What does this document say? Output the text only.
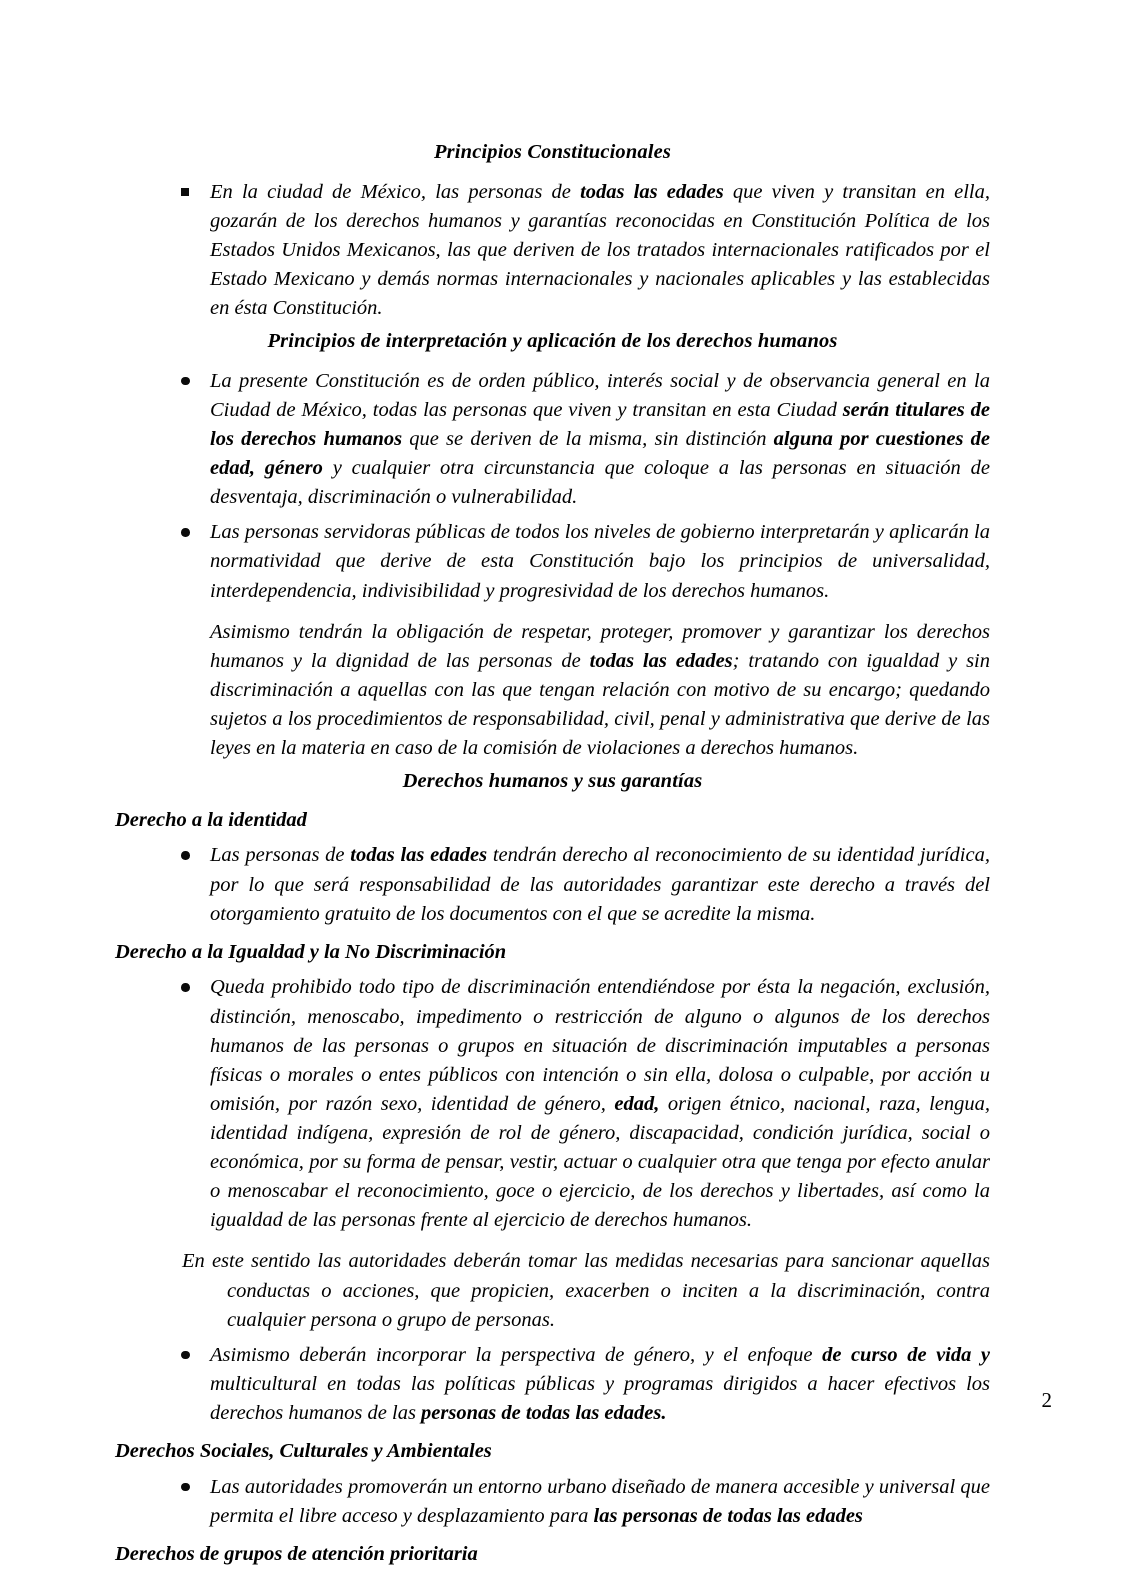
Principios Constitucionales

En la ciudad de México, las personas de todas las edades que viven y transitan en ella, gozarán de los derechos humanos y garantías reconocidas en Constitución Política de los Estados Unidos Mexicanos, las que deriven de los tratados internacionales ratificados por el Estado Mexicano y demás normas internacionales y nacionales aplicables y las establecidas en ésta Constitución.

Principios de interpretación y aplicación de los derechos humanos

La presente Constitución es de orden público, interés social y de observancia general en la Ciudad de México, todas las personas que viven y transitan en esta Ciudad serán titulares de los derechos humanos que se deriven de la misma, sin distinción alguna por cuestiones de edad, género y cualquier otra circunstancia que coloque a las personas en situación de desventaja, discriminación o vulnerabilidad.

Las personas servidoras públicas de todos los niveles de gobierno interpretarán y aplicarán la normatividad que derive de esta Constitución bajo los principios de universalidad, interdependencia, indivisibilidad y progresividad de los derechos humanos.

Asimismo tendrán la obligación de respetar, proteger, promover y garantizar los derechos humanos y la dignidad de las personas de todas las edades; tratando con igualdad y sin discriminación a aquellas con las que tengan relación con motivo de su encargo; quedando sujetos a los procedimientos de responsabilidad, civil, penal y administrativa que derive de las leyes en la materia en caso de la comisión de violaciones a derechos humanos.

Derechos humanos y sus garantías
Derecho a la identidad

Las personas de todas las edades tendrán derecho al reconocimiento de su identidad jurídica, por lo que será responsabilidad de las autoridades garantizar este derecho a través del otorgamiento gratuito de los documentos con el que se acredite la misma.

Derecho a la Igualdad y la No Discriminación

Queda prohibido todo tipo de discriminación entendiéndose por ésta la negación, exclusión, distinción, menoscabo, impedimento o restricción de alguno o algunos de los derechos humanos de las personas o grupos en situación de discriminación imputables a personas físicas o morales o entes públicos con intención o sin ella, dolosa o culpable, por acción u omisión, por razón sexo, identidad de género, edad, origen étnico, nacional, raza, lengua, identidad indígena, expresión de rol de género, discapacidad, condición jurídica, social o económica, por su forma de pensar, vestir, actuar o cualquier otra que tenga por efecto anular o menoscabar el reconocimiento, goce o ejercicio, de los derechos y libertades, así como la igualdad de las personas frente al ejercicio de derechos humanos.

En este sentido las autoridades deberán tomar las medidas necesarias para sancionar aquellas conductas o acciones, que propicien, exacerben o inciten a la discriminación, contra cualquier persona o grupo de personas.

Asimismo deberán incorporar la perspectiva de género, y el enfoque de curso de vida y multicultural en todas las políticas públicas y programas dirigidos a hacer efectivos los derechos humanos de las personas de todas las edades.

Derechos Sociales, Culturales y Ambientales

Las autoridades promoverán un entorno urbano diseñado de manera accesible y universal que permita el libre acceso y desplazamiento para las personas de todas las edades

Derechos de grupos de atención prioritaria
2
